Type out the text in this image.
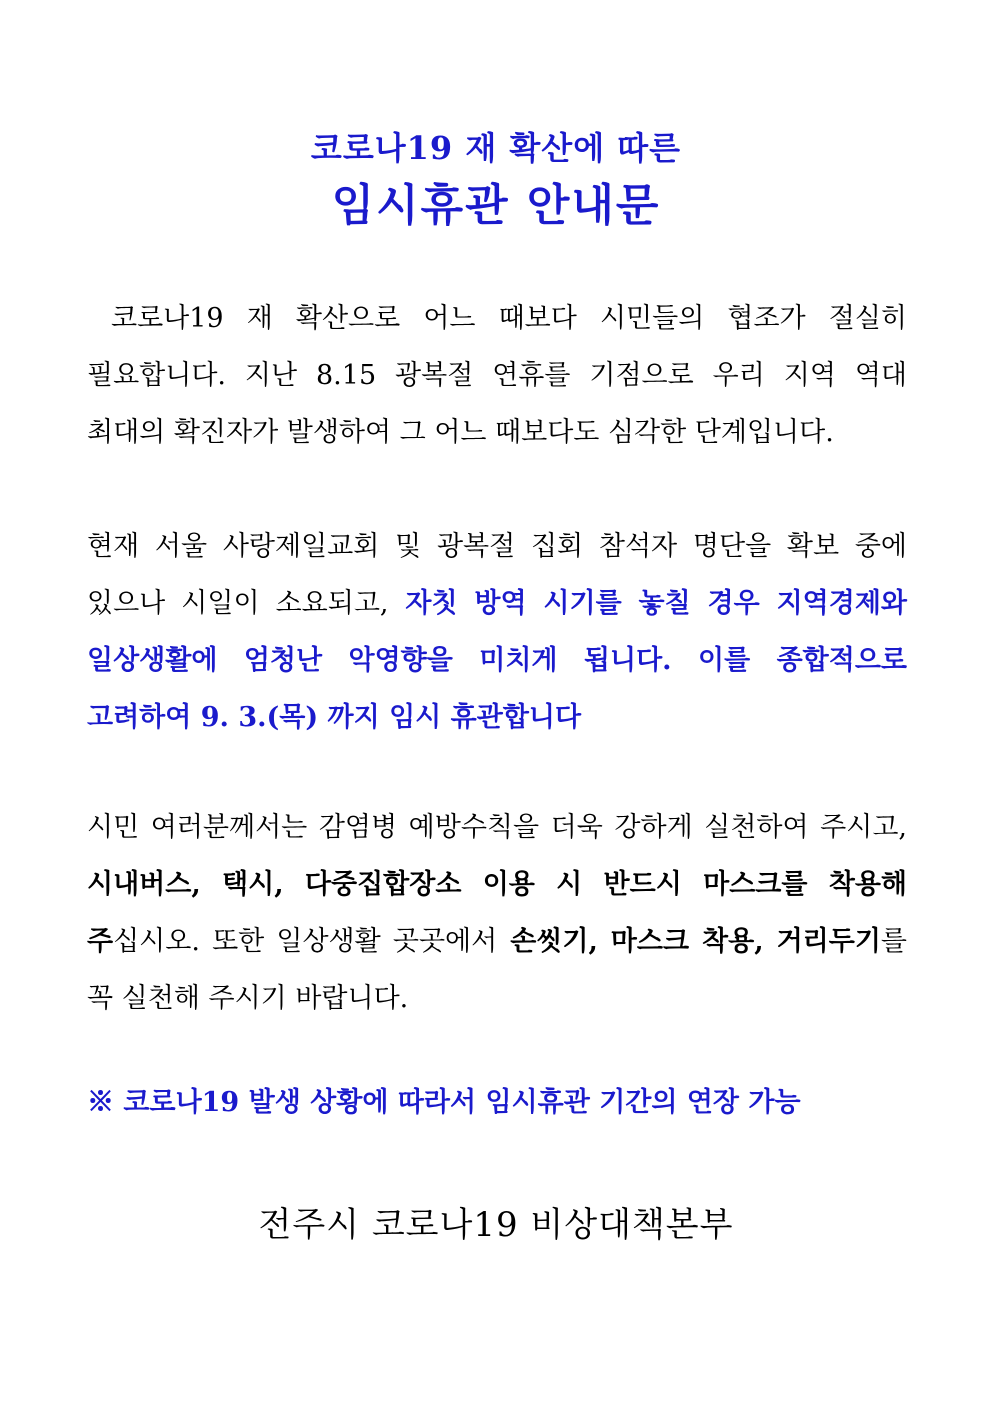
코로나19 재 확산에 따른
임시휴관 안내문
코로나19 재 확산으로 어느 때보다 시민들의 협조가 절실히 필요합니다. 지난 8.15 광복절 연휴를 기점으로 우리 지역 역대 최대의 확진자가 발생하여 그 어느 때보다도 심각한 단계입니다.
현재 서울 사랑제일교회 및 광복절 집회 참석자 명단을 확보 중에 있으나 시일이 소요되고, 자칫 방역 시기를 놓칠 경우 지역경제와 일상생활에 엄청난 악영향을 미치게 됩니다. 이를 종합적으로 고려하여 9. 3.(목) 까지 임시 휴관합니다
시민 여러분께서는 감염병 예방수칙을 더욱 강하게 실천하여 주시고, 시내버스, 택시, 다중집합장소 이용 시 반드시 마스크를 착용해 주십시오. 또한 일상생활 곳곳에서 손씻기, 마스크 착용, 거리두기를 꼭 실천해 주시기 바랍니다.
※ 코로나19 발생 상황에 따라서 임시휴관 기간의 연장 가능
전주시 코로나19 비상대책본부
